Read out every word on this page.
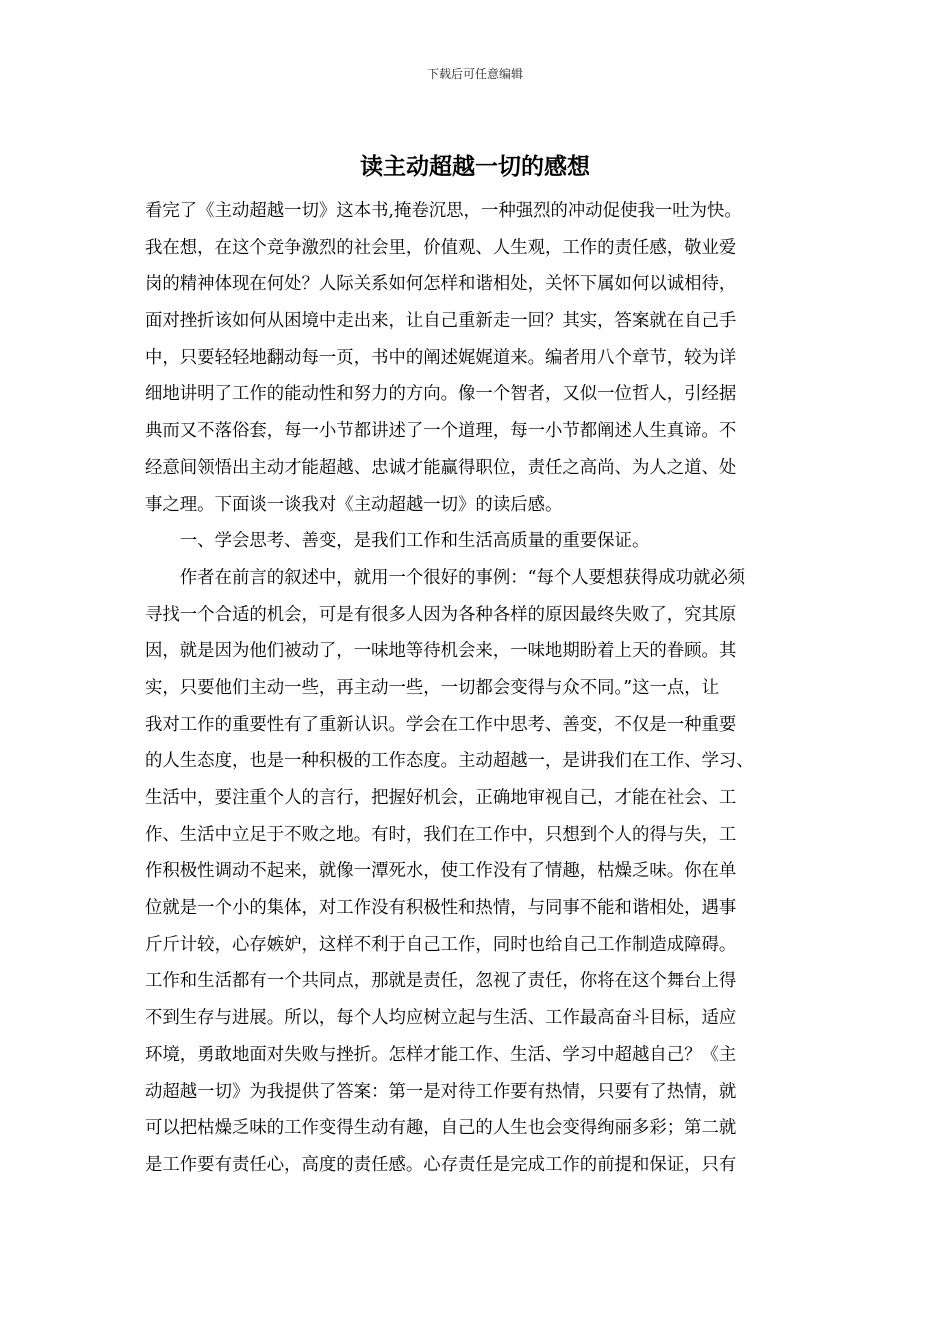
下载后可任意编辑
读主动超越一切的感想
看完了《主动超越一切》这本书,掩卷沉思，一种强烈的冲动促使我一吐为快。
我在想，在这个竞争激烈的社会里，价值观、人生观，工作的责任感，敬业爱
岗的精神体现在何处？人际关系如何怎样和谐相处，关怀下属如何以诚相待，
面对挫折该如何从困境中走出来，让自己重新走一回？其实，答案就在自己手
中，只要轻轻地翻动每一页，书中的阐述娓娓道来。编者用八个章节，较为详
细地讲明了工作的能动性和努力的方向。像一个智者，又似一位哲人，引经据
典而又不落俗套，每一小节都讲述了一个道理，每一小节都阐述人生真谛。不
经意间领悟出主动才能超越、忠诚才能赢得职位，责任之高尚、为人之道、处
事之理。下面谈一谈我对《主动超越一切》的读后感。
　　一、学会思考、善变，是我们工作和生活高质量的重要保证。
　　作者在前言的叙述中，就用一个很好的事例：“每个人要想获得成功就必须
寻找一个合适的机会，可是有很多人因为各种各样的原因最终失败了，究其原
因，就是因为他们被动了，一味地等待机会来，一味地期盼着上天的眷顾。其
实，只要他们主动一些，再主动一些，一切都会变得与众不同。”这一点，让
我对工作的重要性有了重新认识。学会在工作中思考、善变，不仅是一种重要
的人生态度，也是一种积极的工作态度。主动超越一，是讲我们在工作、学习、
生活中，要注重个人的言行，把握好机会，正确地审视自己，才能在社会、工
作、生活中立足于不败之地。有时，我们在工作中，只想到个人的得与失，工
作积极性调动不起来，就像一潭死水，使工作没有了情趣，枯燥乏味。你在单
位就是一个小的集体，对工作没有积极性和热情，与同事不能和谐相处，遇事
斤斤计较，心存嫉妒，这样不利于自己工作，同时也给自己工作制造成障碍。
工作和生活都有一个共同点，那就是责任，忽视了责任，你将在这个舞台上得
不到生存与进展。所以，每个人均应树立起与生活、工作最高奋斗目标，适应
环境，勇敢地面对失败与挫折。怎样才能工作、生活、学习中超越自己？《主
动超越一切》为我提供了答案：第一是对待工作要有热情，只要有了热情，就
可以把枯燥乏味的工作变得生动有趣，自己的人生也会变得绚丽多彩；第二就
是工作要有责任心，高度的责任感。心存责任是完成工作的前提和保证，只有
